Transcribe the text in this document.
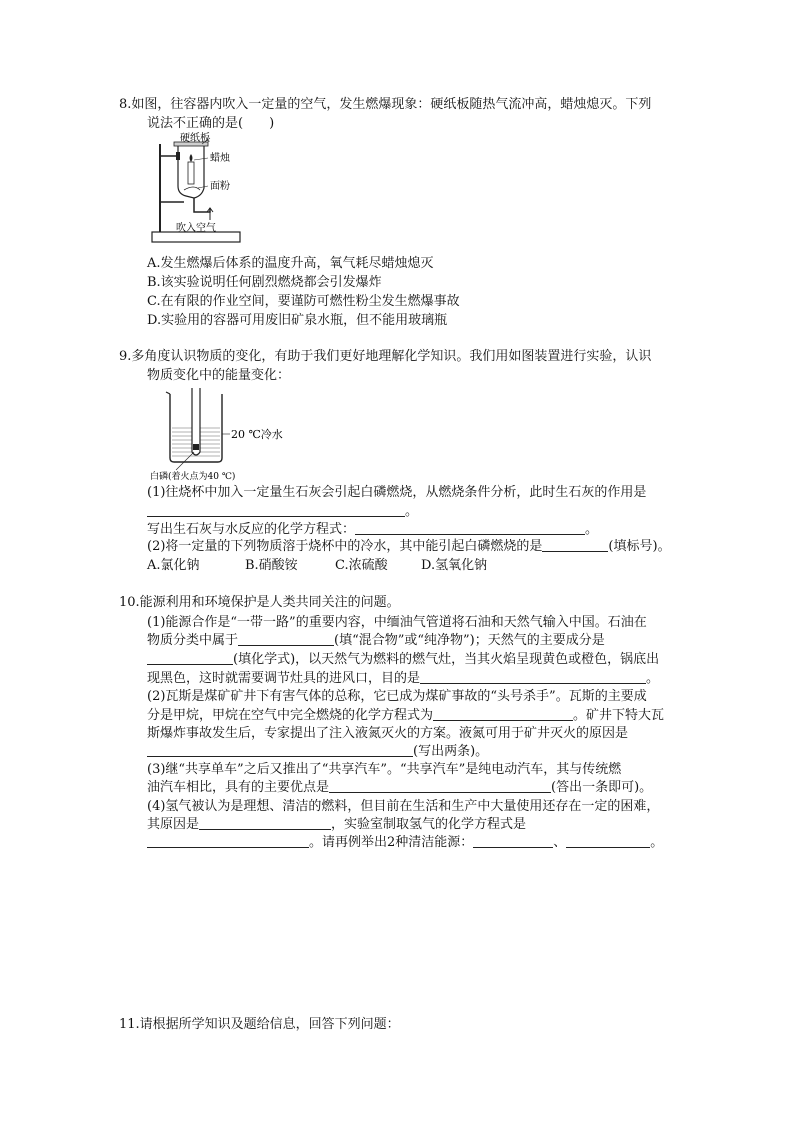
8.如图，往容器内吹入一定量的空气，发生燃爆现象：硬纸板随热气流冲高，蜡烛熄灭。下列
说法不正确的是(　　)
硬纸板
蜡烛
面粉
吹入空气
A.发生燃爆后体系的温度升高，氧气耗尽蜡烛熄灭
B.该实验说明任何剧烈燃烧都会引发爆炸
C.在有限的作业空间，要谨防可燃性粉尘发生燃爆事故
D.实验用的容器可用废旧矿泉水瓶，但不能用玻璃瓶
9.多角度认识物质的变化，有助于我们更好地理解化学知识。我们用如图装置进行实验，认识
物质变化中的能量变化：
20 ℃冷水
白磷(着火点为40 ℃)
(1)往烧杯中加入一定量生石灰会引起白磷燃烧，从燃烧条件分析，此时生石灰的作用是
。
写出生石灰与水反应的化学方程式：	。
(2)将一定量的下列物质溶于烧杯中的冷水，其中能引起白磷燃烧的是	(填标号)。
A.氯化钠	B.硝酸铵	C.浓硫酸	D.氢氧化钠
10.能源利用和环境保护是人类共同关注的问题。
(1)能源合作是“一带一路”的重要内容，中缅油气管道将石油和天然气输入中国。石油在
物质分类中属于	(填“混合物”或“纯净物”)；天然气的主要成分是
(填化学式)，以天然气为燃料的燃气灶，当其火焰呈现黄色或橙色，锅底出
现黑色，这时就需要调节灶具的进风口，目的是	。
(2)瓦斯是煤矿矿井下有害气体的总称，它已成为煤矿事故的“头号杀手”。瓦斯的主要成
分是甲烷，甲烷在空气中完全燃烧的化学方程式为	。矿井下特大瓦
斯爆炸事故发生后，专家提出了注入液氮灭火的方案。液氮可用于矿井灭火的原因是
(写出两条)。
(3)继“共享单车”之后又推出了“共享汽车”。“共享汽车”是纯电动汽车，其与传统燃
油汽车相比，具有的主要优点是	(答出一条即可)。
(4)氢气被认为是理想、清洁的燃料，但目前在生活和生产中大量使用还存在一定的困难，
其原因是	，实验室制取氢气的化学方程式是
。请再例举出2种清洁能源：	、	。
11.请根据所学知识及题给信息，回答下列问题：
